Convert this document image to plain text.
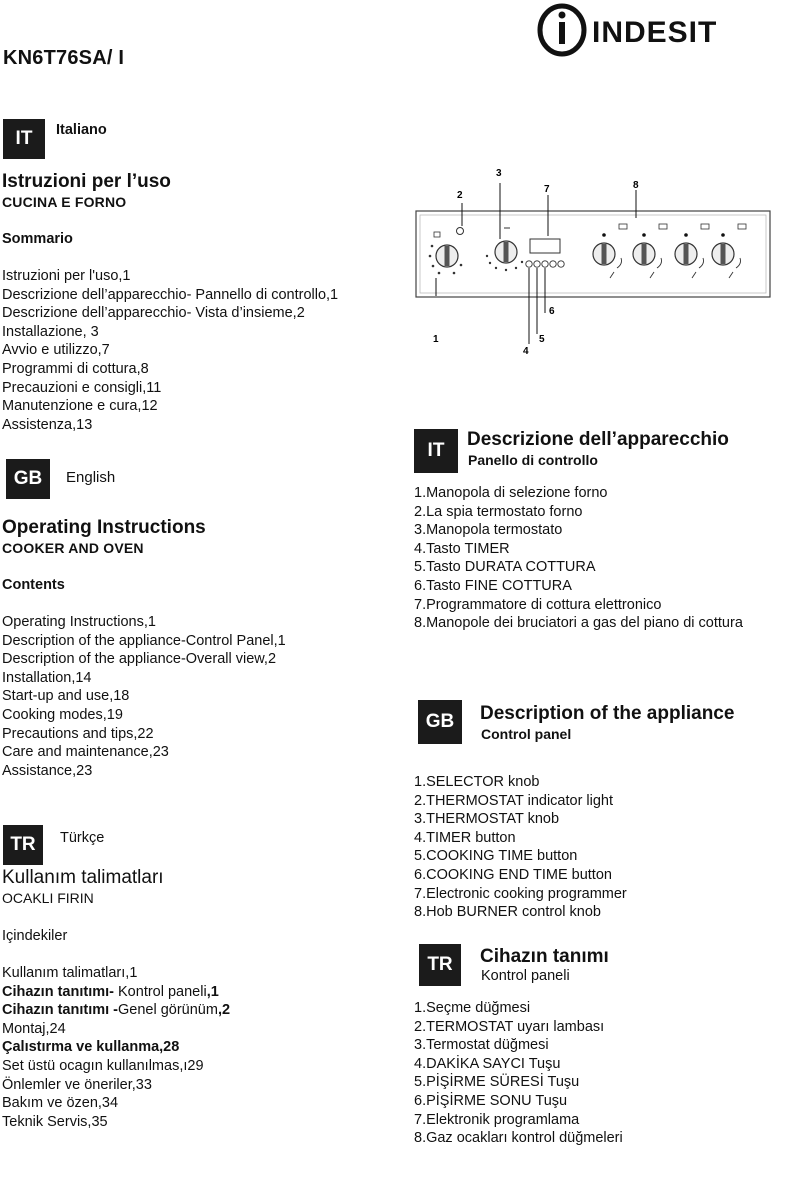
KN6T76SA/ I
INDESIT
IT	Italiano
Istruzioni per l’uso
CUCINA E FORNO
Sommario
Istruzioni per l'uso,1
Descrizione dell’apparecchio- Pannello di controllo,1
Descrizione dell’apparecchio- Vista d’insieme,2
Installazione, 3
Avvio e utilizzo,7
Programmi di cottura,8
Precauzioni e consigli,11
Manutenzione e cura,12
Assistenza,13
GB	English
Operating Instructions
COOKER AND OVEN
Contents
Operating Instructions,1
Description of the appliance-Control Panel,1
Description of the appliance-Overall view,2
Installation,14
Start-up and use,18
Cooking modes,19
Precautions and tips,22
Care and maintenance,23
Assistance,23
TR	Türkçe
Kullanım talimatları
OCAKLI FIRIN
Içindekiler
Kullanım talimatları,1
Cihazın tanıtımı- Kontrol paneli,1
Cihazın tanıtımı -Genel görünüm,2
Montaj,24
Çalıstırma ve kullanma,28
Set üstü ocagın kullanılmas,ı29
Önlemler ve öneriler,33
Bakım ve özen,34
Teknik Servis,35
1
2
3
4
5
6
7	8
IT
Descrizione dell’apparecchio
Panello di controllo
1.Manopola di selezione forno
2.La spia termostato forno
3.Manopola termostato
4.Tasto TIMER
5.Tasto DURATA COTTURA
6.Tasto FINE COTTURA
7.Programmatore di cottura elettronico
8.Manopole dei bruciatori a gas del piano di cottura
GB	Description of the appliance
Control panel
1.SELECTOR knob
2.THERMOSTAT indicator light
3.THERMOSTAT knob
4.TIMER button
5.COOKING TIME button
6.COOKING END TIME button
7.Electronic cooking programmer
8.Hob BURNER control knob
TR	Cihazın tanımı
Kontrol paneli
1.Seçme düğmesi
2.TERMOSTAT uyarı lambası
3.Termostat düğmesi
4.DAKİKA SAYCI Tuşu
5.PİŞİRME SÜRESİ Tuşu
6.PİŞİRME SONU Tuşu
7.Elektronik programlama
8.Gaz ocakları kontrol düğmeleri
